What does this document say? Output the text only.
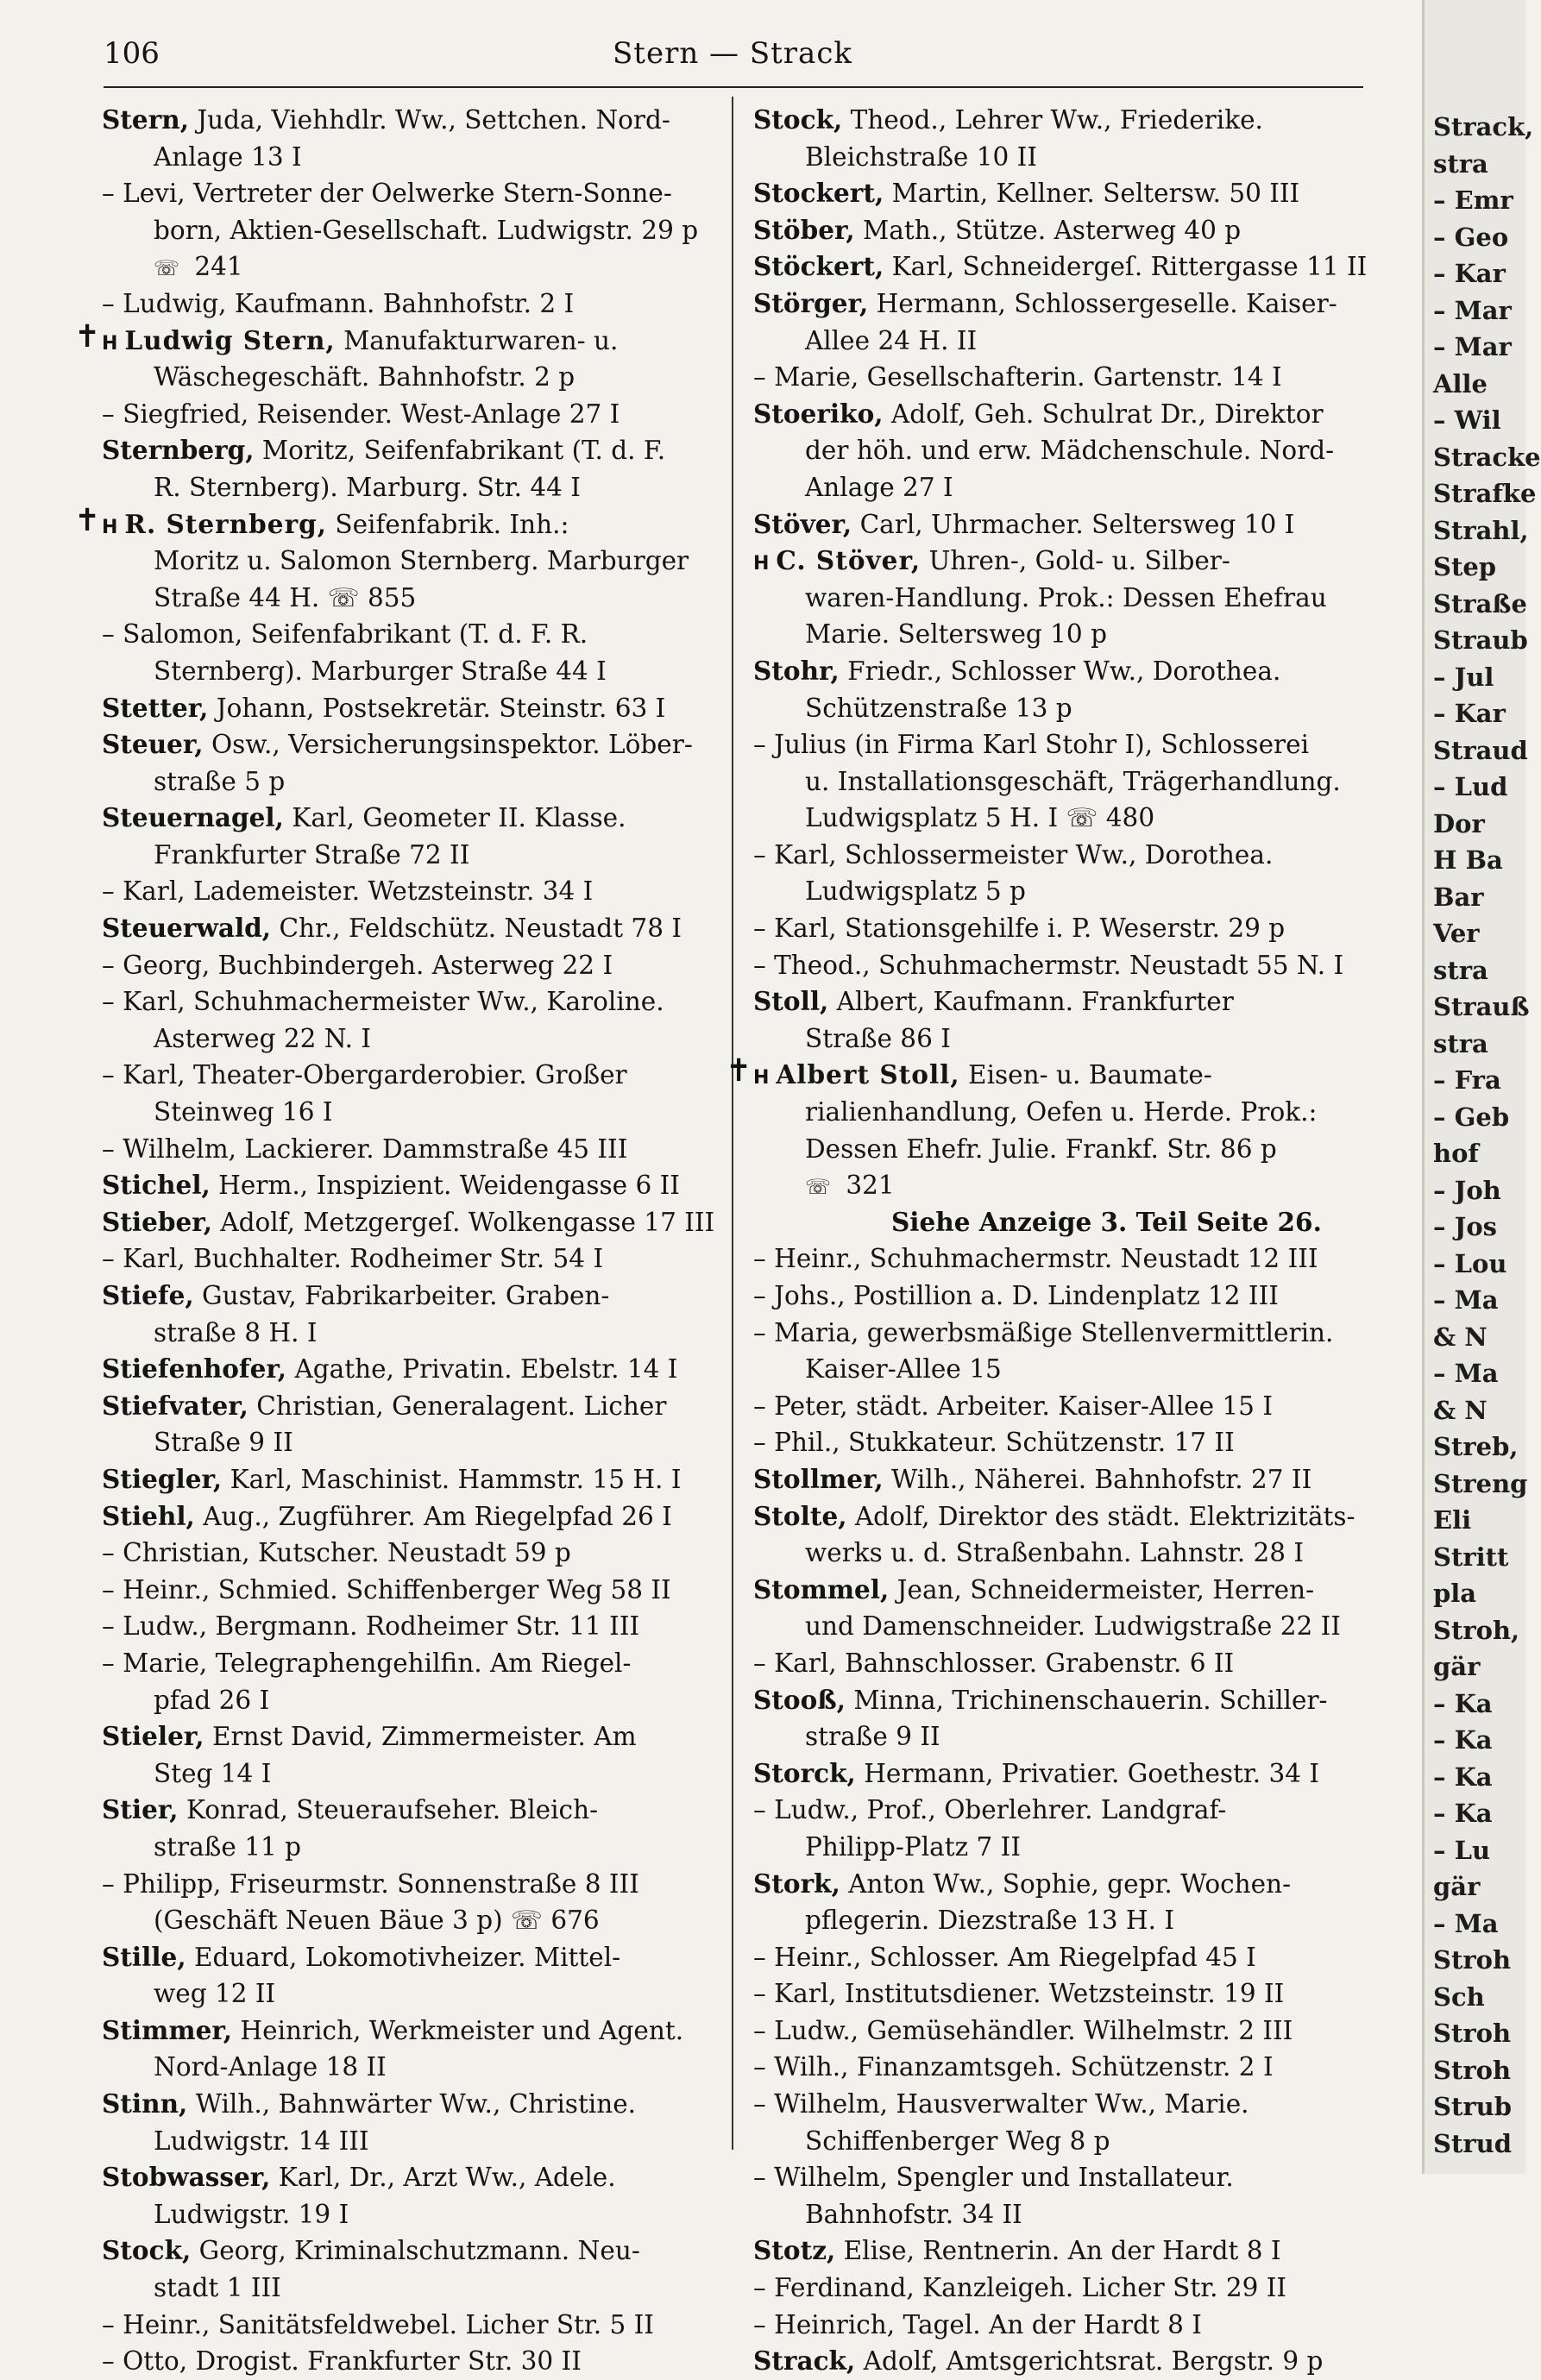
106	Stern — Strack
Stern, Juda, Viehhdlr. Ww., Settchen. Nord-
Anlage 13 I
– Levi, Vertreter der Oelwerke Stern-Sonne-
born, Aktien-Gesellschaft. Ludwigstr. 29 p
☏ 241
– Ludwig, Kaufmann. Bahnhofstr. 2 I
✝ H Ludwig Stern, Manufakturwaren- u.
Wäschegeschäft. Bahnhofstr. 2 p
– Siegfried, Reisender. West-Anlage 27 I
Sternberg, Moritz, Seifenfabrikant (T. d. F.
R. Sternberg). Marburg. Str. 44 I
✝ H R. Sternberg, Seifenfabrik. Inh.:
Moritz u. Salomon Sternberg. Marburger
Straße 44 H. ☏ 855
– Salomon, Seifenfabrikant (T. d. F. R.
Sternberg). Marburger Straße 44 I
Stetter, Johann, Postsekretär. Steinstr. 63 I
Steuer, Osw., Versicherungsinspektor. Löber-
straße 5 p
Steuernagel, Karl, Geometer II. Klasse.
Frankfurter Straße 72 II
– Karl, Lademeister. Wetzsteinstr. 34 I
Steuerwald, Chr., Feldschütz. Neustadt 78 I
– Georg, Buchbindergeh. Asterweg 22 I
– Karl, Schuhmachermeister Ww., Karoline.
Asterweg 22 N. I
– Karl, Theater-Obergarderobier. Großer
Steinweg 16 I
– Wilhelm, Lackierer. Dammstraße 45 III
Stichel, Herm., Inspizient. Weidengasse 6 II
Stieber, Adolf, Metzgergeſ. Wolkengasse 17 III
– Karl, Buchhalter. Rodheimer Str. 54 I
Stiefe, Gustav, Fabrikarbeiter. Graben-
straße 8 H. I
Stiefenhofer, Agathe, Privatin. Ebelstr. 14 I
Stiefvater, Christian, Generalagent. Licher
Straße 9 II
Stiegler, Karl, Maschinist. Hammstr. 15 H. I
Stiehl, Aug., Zugführer. Am Riegelpfad 26 I
– Christian, Kutscher. Neustadt 59 p
– Heinr., Schmied. Schiffenberger Weg 58 II
– Ludw., Bergmann. Rodheimer Str. 11 III
– Marie, Telegraphengehilfin. Am Riegel-
pfad 26 I
Stieler, Ernst David, Zimmermeister. Am
Steg 14 I
Stier, Konrad, Steueraufseher. Bleich-
straße 11 p
– Philipp, Friseurmstr. Sonnenstraße 8 III
(Geschäft Neuen Bäue 3 p) ☏ 676
Stille, Eduard, Lokomotivheizer. Mittel-
weg 12 II
Stimmer, Heinrich, Werkmeister und Agent.
Nord-Anlage 18 II
Stinn, Wilh., Bahnwärter Ww., Christine.
Ludwigstr. 14 III
Stobwasser, Karl, Dr., Arzt Ww., Adele.
Ludwigstr. 19 I
Stock, Georg, Kriminalschutzmann. Neu-
stadt 1 III
– Heinr., Sanitätsfeldwebel. Licher Str. 5 II
– Otto, Drogist. Frankfurter Str. 30 II
Stock, Theod., Lehrer Ww., Friederike.
Bleichstraße 10 II
Stockert, Martin, Kellner. Seltersw. 50 III
Stöber, Math., Stütze. Asterweg 40 p
Stöckert, Karl, Schneidergeſ. Rittergasse 11 II
Störger, Hermann, Schlossergeselle. Kaiser-
Allee 24 H. II
– Marie, Gesellschafterin. Gartenstr. 14 I
Stoeriko, Adolf, Geh. Schulrat Dr., Direktor
der höh. und erw. Mädchenschule. Nord-
Anlage 27 I
Stöver, Carl, Uhrmacher. Seltersweg 10 I
H C. Stöver, Uhren-, Gold- u. Silber-
waren-Handlung. Prok.: Dessen Ehefrau
Marie. Seltersweg 10 p
Stohr, Friedr., Schlosser Ww., Dorothea.
Schützenstraße 13 p
– Julius (in Firma Karl Stohr I), Schlosserei
u. Installationsgeschäft, Trägerhandlung.
Ludwigsplatz 5 H. I ☏ 480
– Karl, Schlossermeister Ww., Dorothea.
Ludwigsplatz 5 p
– Karl, Stationsgehilfe i. P. Weserstr. 29 p
– Theod., Schuhmachermstr. Neustadt 55 N. I
Stoll, Albert, Kaufmann. Frankfurter
Straße 86 I
✝ H Albert Stoll, Eisen- u. Baumate-
rialienhandlung, Oefen u. Herde. Prok.:
Dessen Ehefr. Julie. Frankf. Str. 86 p
☏ 321
Siehe Anzeige 3. Teil Seite 26.
– Heinr., Schuhmachermstr. Neustadt 12 III
– Johs., Postillion a. D. Lindenplatz 12 III
– Maria, gewerbsmäßige Stellenvermittlerin.
Kaiser-Allee 15
– Peter, städt. Arbeiter. Kaiser-Allee 15 I
– Phil., Stukkateur. Schützenstr. 17 II
Stollmer, Wilh., Näherei. Bahnhofstr. 27 II
Stolte, Adolf, Direktor des städt. Elektrizitäts-
werks u. d. Straßenbahn. Lahnstr. 28 I
Stommel, Jean, Schneidermeister, Herren-
und Damenschneider. Ludwigstraße 22 II
– Karl, Bahnschlosser. Grabenstr. 6 II
Stooß, Minna, Trichinenschauerin. Schiller-
straße 9 II
Storck, Hermann, Privatier. Goethestr. 34 I
– Ludw., Prof., Oberlehrer. Landgraf-
Philipp-Platz 7 II
Stork, Anton Ww., Sophie, gepr. Wochen-
pflegerin. Diezstraße 13 H. I
– Heinr., Schlosser. Am Riegelpfad 45 I
– Karl, Institutsdiener. Wetzsteinstr. 19 II
– Ludw., Gemüsehändler. Wilhelmstr. 2 III
– Wilh., Finanzamtsgeh. Schützenstr. 2 I
– Wilhelm, Hausverwalter Ww., Marie.
Schiffenberger Weg 8 p
– Wilhelm, Spengler und Installateur.
Bahnhofstr. 34 II
Stotz, Elise, Rentnerin. An der Hardt 8 I
– Ferdinand, Kanzleigeh. Licher Str. 29 II
– Heinrich, Tagel. An der Hardt 8 I
Strack, Adolf, Amtsgerichtsrat. Bergstr. 9 p
Strack,
stra
– Emr
– Geo
– Kar
– Mar
– Mar
Alle
– Wil
Stracke
Strafke
Strahl,
Step
Straße
Straub
– Jul
– Kar
Straud
– Lud
Dor
H Ba
Bar
Ver
stra
Strauß
stra
– Fra
– Geb
hof
– Joh
– Jos
– Lou
– Ma
& N
– Ma
& N
Streb,
Streng
Eli
Stritt
pla
Stroh,
gär
– Ka
– Ka
– Ka
– Ka
– Lu
gär
– Ma
Stroh
Sch
Stroh
Stroh
Strub
Strud
